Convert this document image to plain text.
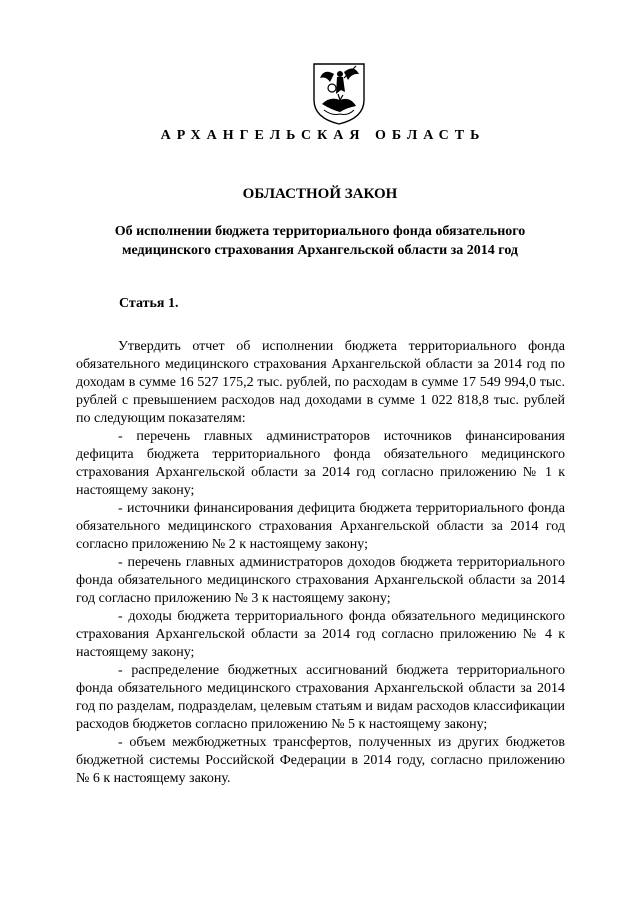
АРХАНГЕЛЬСКАЯ ОБЛАСТЬ
ОБЛАСТНОЙ ЗАКОН
Об исполнении бюджета территориального фонда обязательного медицинского страхования Архангельской области за 2014 год
Статья 1.

Утвердить отчет об исполнении бюджета территориального фонда обязательного медицинского страхования Архангельской области за 2014 год по доходам в сумме 16 527 175,2 тыс. рублей, по расходам в сумме 17 549 994,0 тыс. рублей с превышением расходов над доходами в сумме 1 022 818,8 тыс. рублей по следующим показателям:

- перечень главных администраторов источников финансирования дефицита бюджета территориального фонда обязательного медицинского страхования Архангельской области за 2014 год согласно приложению № 1 к настоящему закону;

- источники финансирования дефицита бюджета территориального фонда обязательного медицинского страхования Архангельской области за 2014 год согласно приложению № 2 к настоящему закону;

- перечень главных администраторов доходов бюджета территориального фонда обязательного медицинского страхования Архангельской области за 2014 год согласно приложению № 3 к настоящему закону;

- доходы бюджета территориального фонда обязательного медицинского страхования Архангельской области за 2014 год согласно приложению № 4 к настоящему закону;

- распределение бюджетных ассигнований бюджета территориального фонда обязательного медицинского страхования Архангельской области за 2014 год по разделам, подразделам, целевым статьям и видам расходов классификации расходов бюджетов согласно приложению № 5 к настоящему закону;

- объем межбюджетных трансфертов, полученных из других бюджетов бюджетной системы Российской Федерации в 2014 году, согласно приложению № 6 к настоящему закону.
